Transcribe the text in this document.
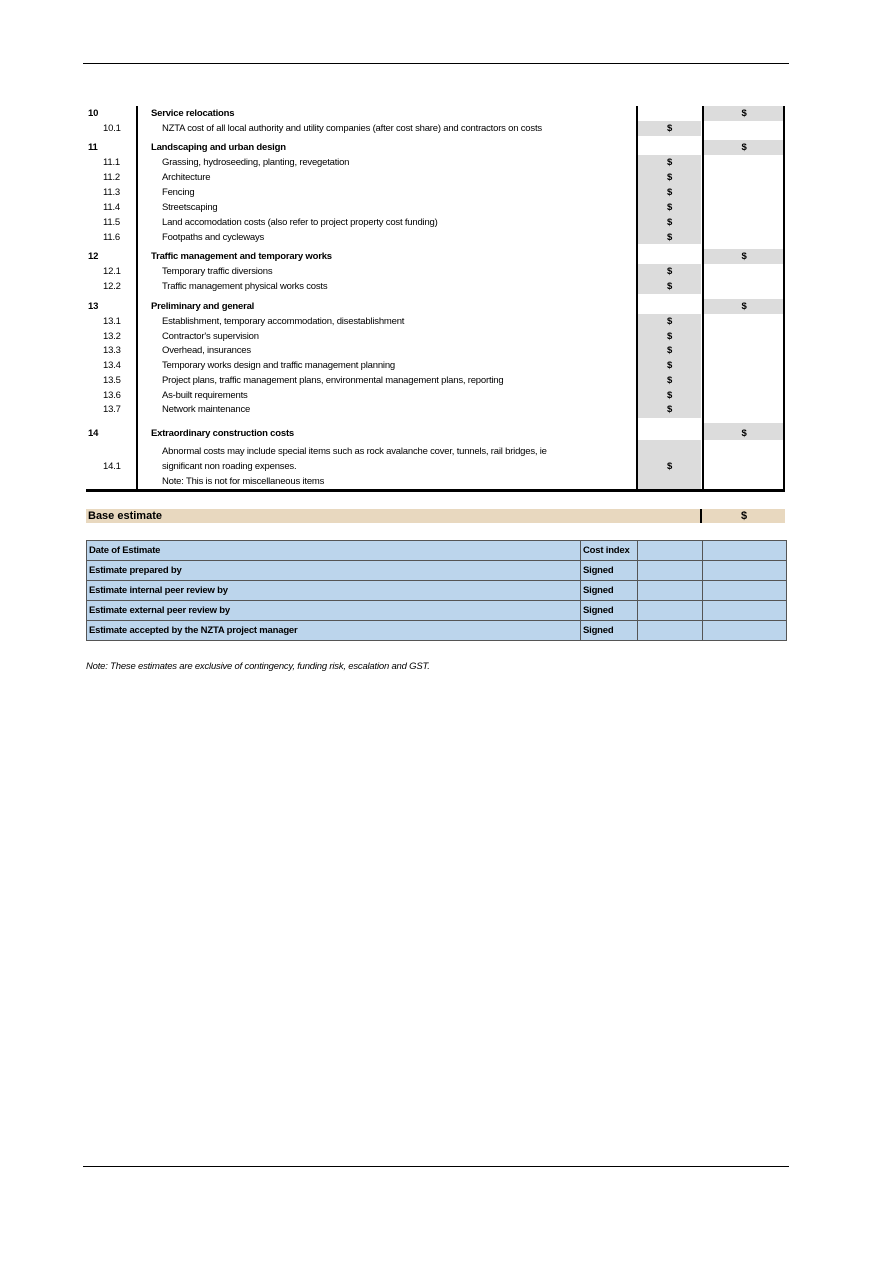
10	Service relocations	$
10.1	NZTA cost of all local authority and utility companies (after cost share) and contractors on costs	$
11	Landscaping and urban design	$
11.1	Grassing, hydroseeding, planting, revegetation	$
11.2	Architecture	$
11.3	Fencing	$
11.4	Streetscaping	$
11.5	Land accomodation costs (also refer to project property cost funding)	$
11.6	Footpaths and cycleways	$
12	Traffic management and temporary works	$
12.1	Temporary traffic diversions	$
12.2	Traffic management physical works costs	$
13	Preliminary and general	$
13.1	Establishment, temporary accommodation, disestablishment	$
13.2	Contractor's supervision	$
13.3	Overhead, insurances	$
13.4	Temporary works design and traffic management planning	$
13.5	Project plans, traffic management plans, environmental management plans, reporting	$
13.6	As-built requirements	$
13.7	Network maintenance	$
14	Extraordinary construction costs	$
Abnormal costs may include special items such as rock avalanche cover, tunnels, rail bridges, ie
14.1	significant non roading expenses.	$
Note: This is not for miscellaneous items
Base estimate	$
Date of Estimate	Cost index		
Estimate prepared by	Signed		
Estimate internal peer review by	Signed		
Estimate external peer review by	Signed		
Estimate accepted by the NZTA project manager	Signed		
Note: These estimates are exclusive of contingency, funding risk, escalation and GST.
